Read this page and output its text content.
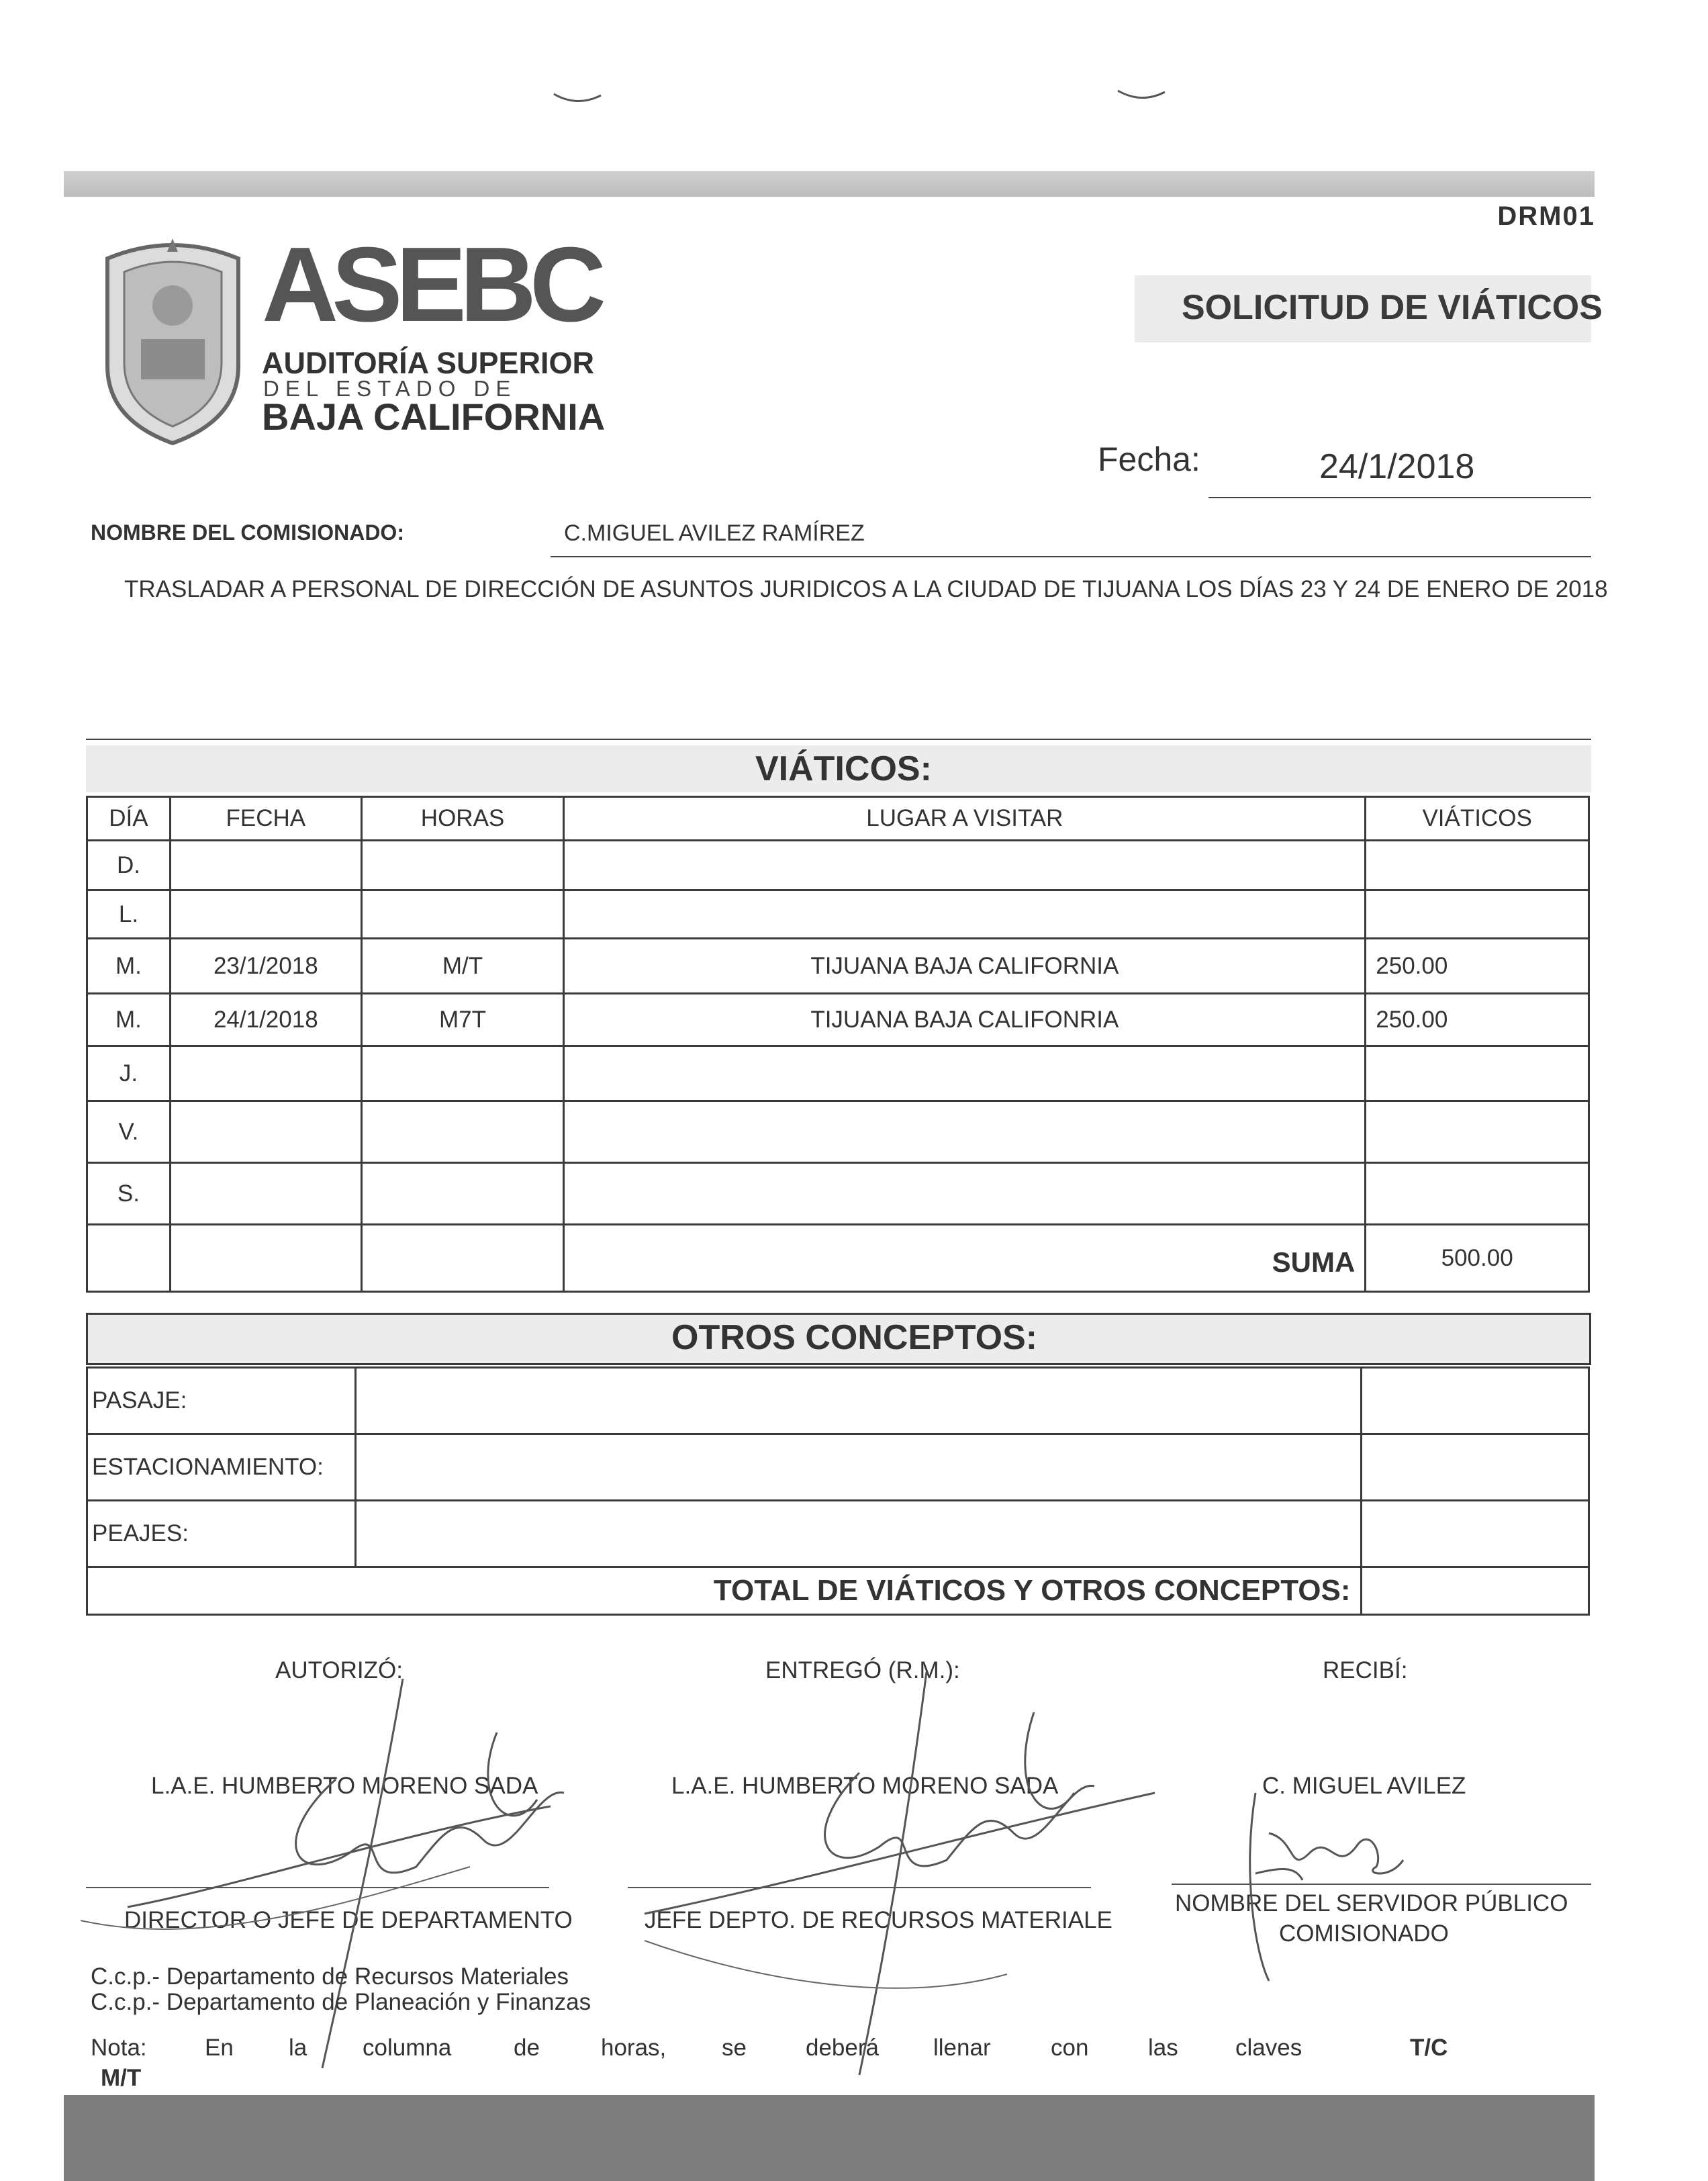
DRM01
SOLICITUD DE VIÁTICOS
ASEBC
AUDITORÍA SUPERIOR
DEL ESTADO DE
BAJA CALIFORNIA
Fecha:	24/1/2018
NOMBRE DEL COMISIONADO:	C.MIGUEL AVILEZ RAMÍREZ
TRASLADAR A PERSONAL DE DIRECCIÓN DE ASUNTOS JURIDICOS A LA CIUDAD DE TIJUANA LOS DÍAS 23 Y 24 DE ENERO DE 2018
VIÁTICOS:
DÍA	FECHA	HORAS	LUGAR A VISITAR	VIÁTICOS
D.				
L.				
M.	23/1/2018	M/T	TIJUANA BAJA CALIFORNIA	250.00
M.	24/1/2018	M7T	TIJUANA BAJA CALIFONRIA	250.00
J.				
V.				
S.				
			SUMA	500.00
OTROS CONCEPTOS:
PASAJE:		
ESTACIONAMIENTO:		
PEAJES:		
TOTAL DE VIÁTICOS Y OTROS CONCEPTOS:		
AUTORIZÓ:	ENTREGÓ (R.M.):	RECIBÍ:
L.A.E. HUMBERTO MORENO SADA	L.A.E. HUMBERTO MORENO SADA	C. MIGUEL AVILEZ
DIRECTOR O JEFE DE DEPARTAMENTO	JEFE DEPTO. DE RECURSOS MATERIALE
NOMBRE DEL SERVIDOR PÚBLICO
COMISIONADO
C.c.p.- Departamento de Recursos Materiales
C.c.p.- Departamento de Planeación y Finanzas
Nota: En la columna	de	horas, se	deberá llenar	con	las claves	T/C
M/T
